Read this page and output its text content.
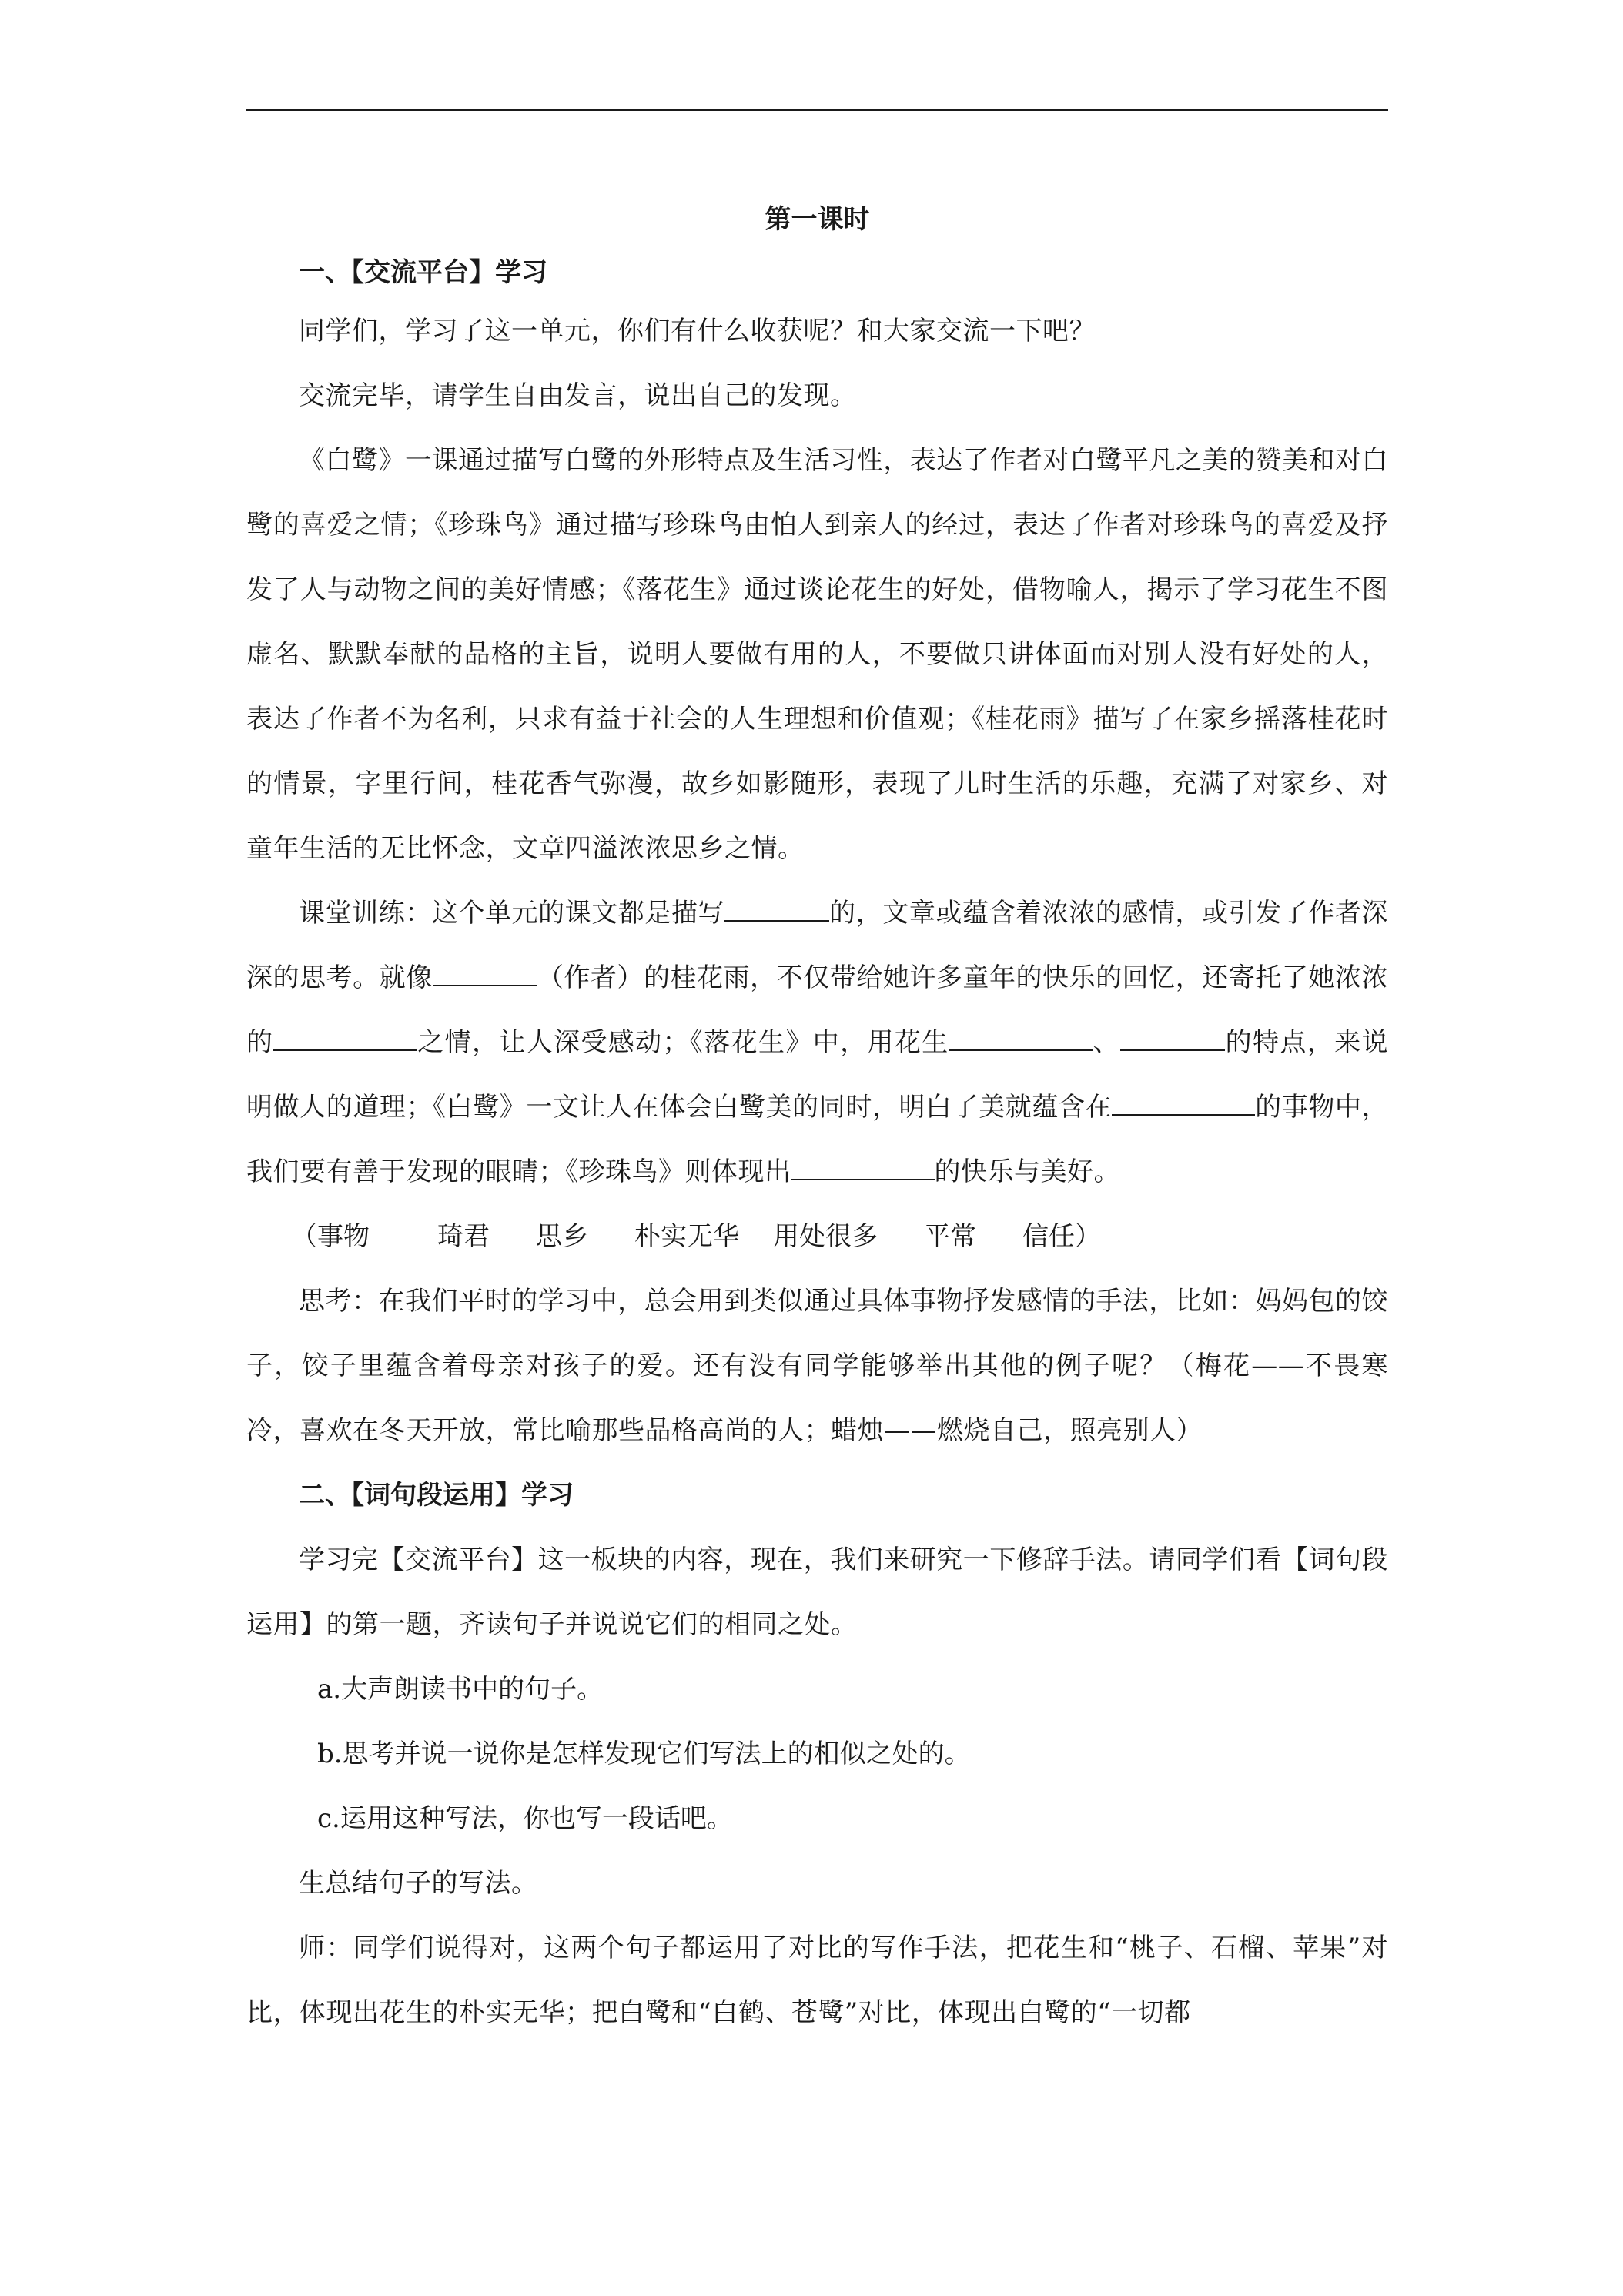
第一课时

一、【交流平台】学习

同学们，学习了这一单元，你们有什么收获呢？和大家交流一下吧？

交流完毕，请学生自由发言，说出自己的发现。

《白鹭》一课通过描写白鹭的外形特点及生活习性，表达了作者对白鹭平凡之美的赞美和对白鹭的喜爱之情；《珍珠鸟》通过描写珍珠鸟由怕人到亲人的经过，表达了作者对珍珠鸟的喜爱及抒发了人与动物之间的美好情感；《落花生》通过谈论花生的好处，借物喻人，揭示了学习花生不图虚名、默默奉献的品格的主旨，说明人要做有用的人，不要做只讲体面而对别人没有好处的人，表达了作者不为名利，只求有益于社会的人生理想和价值观；《桂花雨》描写了在家乡摇落桂花时的情景，字里行间，桂花香气弥漫，故乡如影随形，表现了儿时生活的乐趣，充满了对家乡、对童年生活的无比怀念，文章四溢浓浓思乡之情。

课堂训练：这个单元的课文都是描写	的，文章或蕴含着浓浓的感情，或引发了作者深深的思考。就像	（作者）的桂花雨，不仅带给她许多童年的快乐的回忆，还寄托了她浓浓的	之情，让人深受感动；《落花生》中，用花生	、	的特点，来说明做人的道理；《白鹭》一文让人在体会白鹭美的同时，明白了美就蕴含在	的事物中，我们要有善于发现的眼睛；《珍珠鸟》则体现出	的快乐与美好。

（事物	琦君 思乡 朴实无华 用处很多 平常 信任）

思考：在我们平时的学习中，总会用到类似通过具体事物抒发感情的手法，比如：妈妈包的饺子，饺子里蕴含着母亲对孩子的爱。还有没有同学能够举出其他的例子呢？（梅花——不畏寒冷，喜欢在冬天开放，常比喻那些品格高尚的人；蜡烛——燃烧自己，照亮别人）

二、【词句段运用】学习

学习完【交流平台】这一板块的内容，现在，我们来研究一下修辞手法。请同学们看【词句段运用】的第一题，齐读句子并说说它们的相同之处。

a.大声朗读书中的句子。

b.思考并说一说你是怎样发现它们写法上的相似之处的。

c.运用这种写法，你也写一段话吧。

生总结句子的写法。

师：同学们说得对，这两个句子都运用了对比的写作手法，把花生和“桃子、石榴、苹果”对比，体现出花生的朴实无华；把白鹭和“白鹤、苍鹭”对比，体现出白鹭的“一切都
